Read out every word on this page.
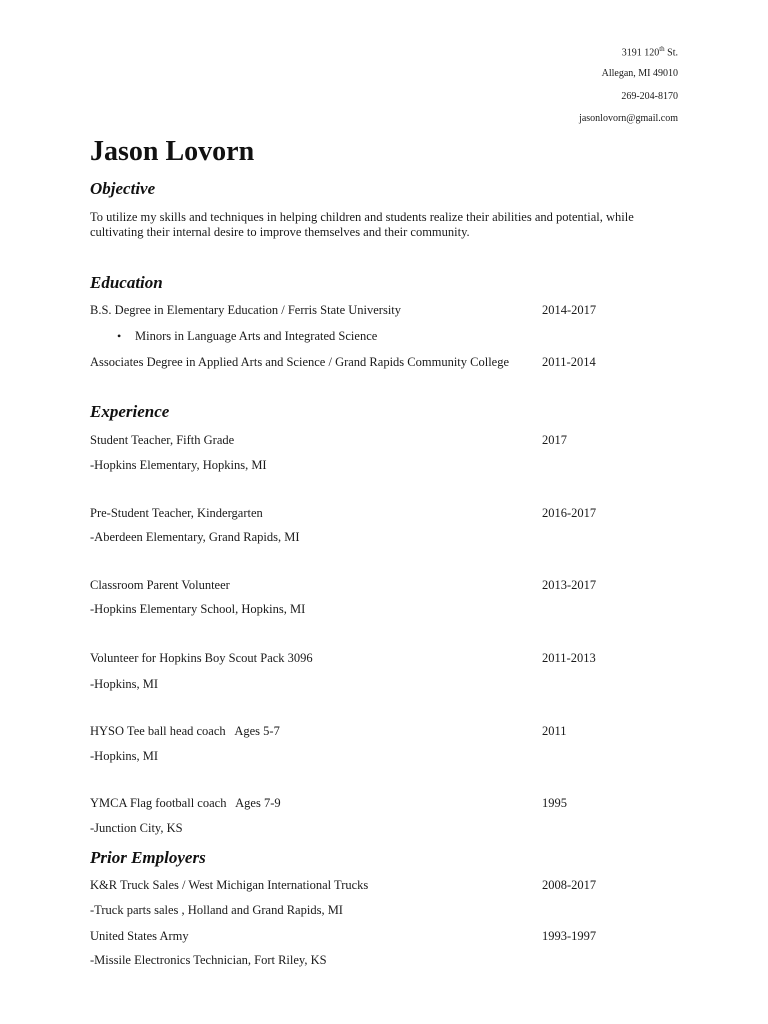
3191 120th St.
Allegan, MI 49010
269-204-8170
jasonlovorn@gmail.com
Jason Lovorn
Objective
To utilize my skills and techniques in helping children and students realize their abilities and potential, while cultivating their internal desire to improve themselves and their community.
Education
B.S. Degree in Elementary Education / Ferris State University	2014-2017
• Minors in Language Arts and Integrated Science
Associates Degree in Applied Arts and Science / Grand Rapids Community College	2011-2014
Experience
Student Teacher, Fifth Grade	2017
-Hopkins Elementary, Hopkins, MI
Pre-Student Teacher, Kindergarten	2016-2017
-Aberdeen Elementary, Grand Rapids, MI
Classroom Parent Volunteer	2013-2017
-Hopkins Elementary School, Hopkins, MI
Volunteer for Hopkins Boy Scout Pack 3096	2011-2013
-Hopkins, MI
HYSO Tee ball head coach   Ages 5-7	2011
-Hopkins, MI
YMCA Flag football coach   Ages 7-9	1995
-Junction City, KS
Prior Employers
K&R Truck Sales / West Michigan International Trucks	2008-2017
-Truck parts sales , Holland and Grand Rapids, MI
United States Army	1993-1997
-Missile Electronics Technician, Fort Riley, KS
